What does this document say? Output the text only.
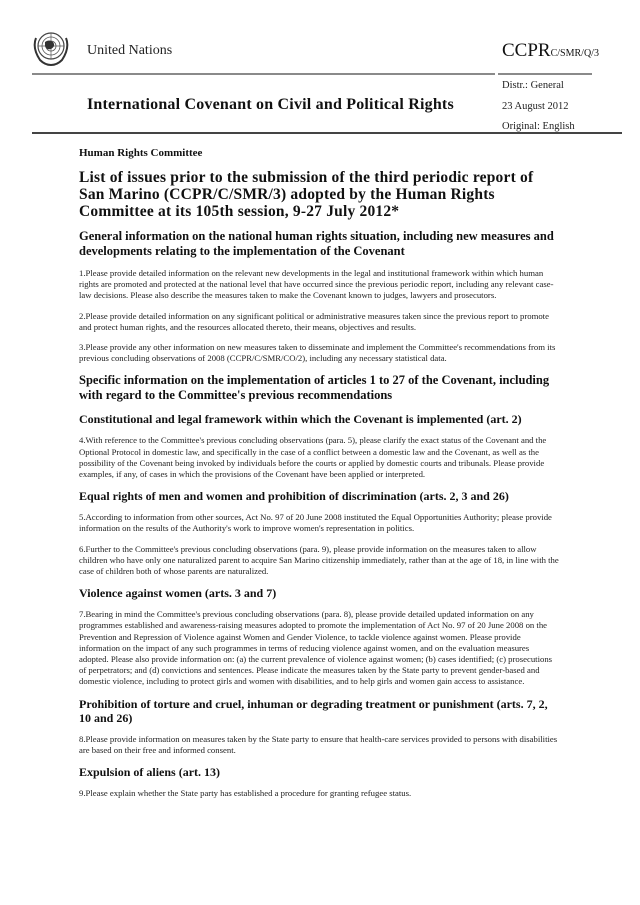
United Nations	CCPRC/SMR/Q/3
Distr.: General
23 August 2012
Original: English
International Covenant on Civil and Political Rights
Human Rights Committee
List of issues prior to the submission of the third periodic report of San Marino (CCPR/C/SMR/3) adopted by the Human Rights Committee at its 105th session, 9-27 July 2012*
General information on the national human rights situation, including new measures and developments relating to the implementation of the Covenant

1.Please provide detailed information on the relevant new developments in the legal and institutional framework within which human rights are promoted and protected at the national level that have occurred since the previous periodic report, including any relevant case-law decisions. Please also describe the measures taken to make the Covenant known to judges, lawyers and prosecutors.

2.Please provide detailed information on any significant political or administrative measures taken since the previous report to promote and protect human rights, and the resources allocated thereto, their means, objectives and results.

3.Please provide any other information on new measures taken to disseminate and implement the Committee's recommendations from its previous concluding observations of 2008 (CCPR/C/SMR/CO/2), including any necessary statistical data.

Specific information on the implementation of articles 1 to 27 of the Covenant, including with regard to the Committee's previous recommendations
Constitutional and legal framework within which the Covenant is implemented (art. 2)

4.With reference to the Committee's previous concluding observations (para. 5), please clarify the exact status of the Covenant and the Optional Protocol in domestic law, and specifically in the case of a conflict between a domestic law and the Covenant, as well as the possibility of the Covenant being invoked by individuals before the courts or applied by domestic courts and tribunals. Please provide examples, if any, of cases in which the provisions of the Covenant have been applied or interpreted.

Equal rights of men and women and prohibition of discrimination (arts. 2, 3 and 26)

5.According to information from other sources, Act No. 97 of 20 June 2008 instituted the Equal Opportunities Authority; please provide information on the results of the Authority's work to improve women's representation in politics.

6.Further to the Committee's previous concluding observations (para. 9), please provide information on the measures taken to allow children who have only one naturalized parent to acquire San Marino citizenship immediately, rather than at the age of 18, in line with the case of children both of whose parents are naturalized.

Violence against women (arts. 3 and 7)

7.Bearing in mind the Committee's previous concluding observations (para. 8), please provide detailed updated information on any programmes established and awareness-raising measures adopted to promote the implementation of Act No. 97 of 20 June 2008 on the Prevention and Repression of Violence against Women and Gender Violence, to tackle violence against women. Please provide information on the impact of any such programmes in terms of reducing violence against women, and on the evaluation measures adopted. Please also provide information on: (a) the current prevalence of violence against women; (b) cases identified; (c) prosecutions of perpetrators; and (d) convictions and sentences. Please indicate the measures taken by the State party to prevent gender-based and domestic violence, including to protect girls and women with disabilities, and to help girls and women gain access to assistance.

Prohibition of torture and cruel, inhuman or degrading treatment or punishment (arts. 7, 2, 10 and 26)

8.Please provide information on measures taken by the State party to ensure that health-care services provided to persons with disabilities are based on their free and informed consent.

Expulsion of aliens (art. 13)

9.Please explain whether the State party has established a procedure for granting refugee status.
